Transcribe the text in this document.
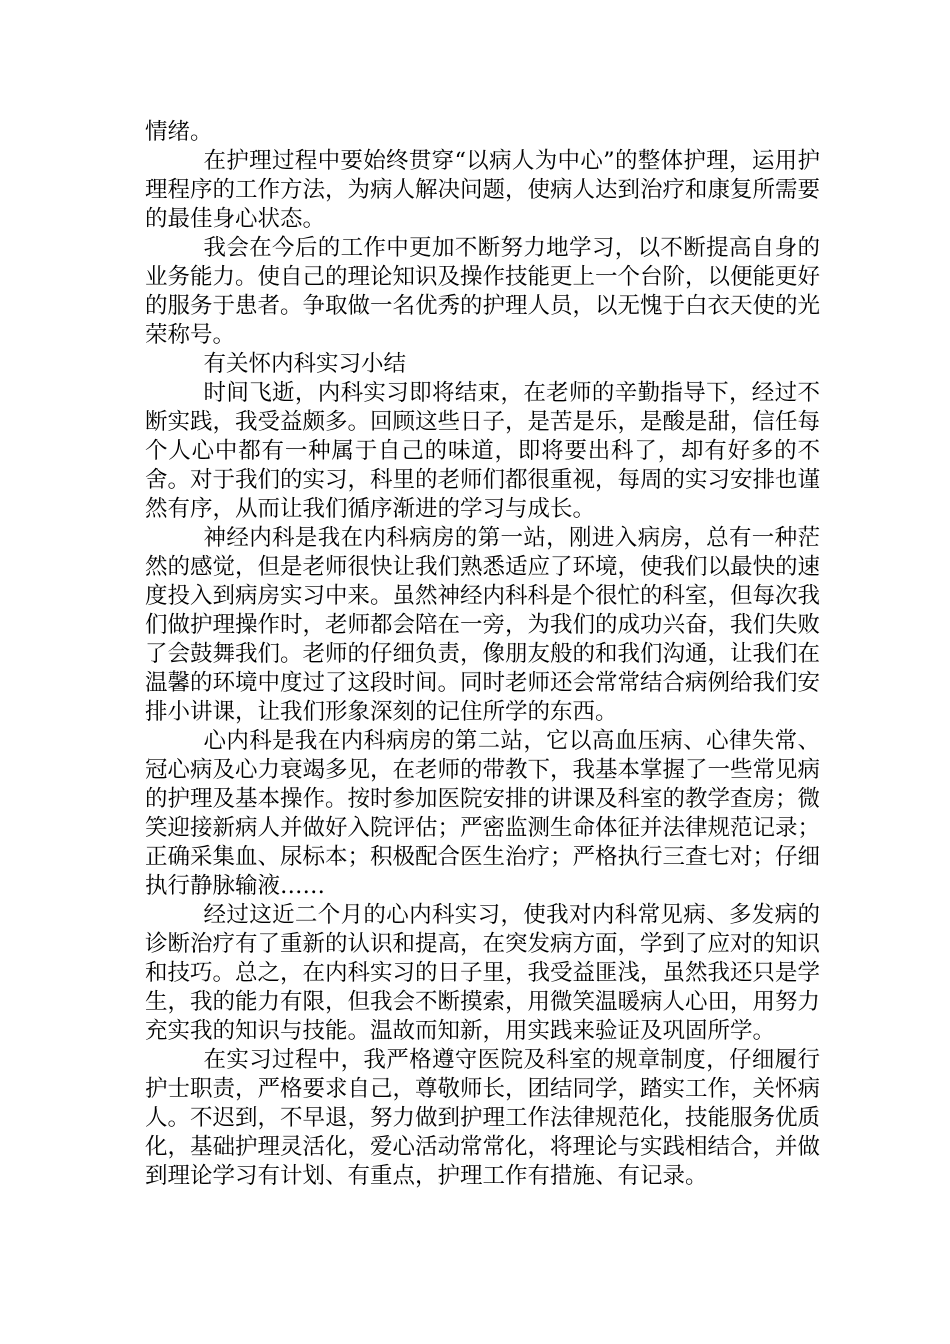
情绪。

在护理过程中要始终贯穿“以病人为中心”的整体护理，运用护理程序的工作方法，为病人解决问题，使病人达到治疗和康复所需要的最佳身心状态。

我会在今后的工作中更加不断努力地学习，以不断提高自身的业务能力。使自己的理论知识及操作技能更上一个台阶，以便能更好的服务于患者。争取做一名优秀的护理人员，以无愧于白衣天使的光荣称号。

有关怀内科实习小结

时间飞逝，内科实习即将结束，在老师的辛勤指导下，经过不断实践，我受益颇多。回顾这些日子，是苦是乐，是酸是甜，信任每个人心中都有一种属于自己的味道，即将要出科了，却有好多的不舍。对于我们的实习，科里的老师们都很重视，每周的实习安排也谨然有序，从而让我们循序渐进的学习与成长。

神经内科是我在内科病房的第一站，刚进入病房，总有一种茫然的感觉，但是老师很快让我们熟悉适应了环境，使我们以最快的速度投入到病房实习中来。虽然神经内科科是个很忙的科室，但每次我们做护理操作时，老师都会陪在一旁，为我们的成功兴奋，我们失败了会鼓舞我们。老师的仔细负责，像朋友般的和我们沟通，让我们在温馨的环境中度过了这段时间。同时老师还会常常结合病例给我们安排小讲课，让我们形象深刻的记住所学的东西。

心内科是我在内科病房的第二站，它以高血压病、心律失常、冠心病及心力衰竭多见，在老师的带教下，我基本掌握了一些常见病的护理及基本操作。按时参加医院安排的讲课及科室的教学查房；微笑迎接新病人并做好入院评估；严密监测生命体征并法律规范记录；正确采集血、尿标本；积极配合医生治疗；严格执行三查七对；仔细执行静脉输液……

经过这近二个月的心内科实习，使我对内科常见病、多发病的诊断治疗有了重新的认识和提高，在突发病方面，学到了应对的知识和技巧。总之，在内科实习的日子里，我受益匪浅，虽然我还只是学生，我的能力有限，但我会不断摸索，用微笑温暖病人心田，用努力充实我的知识与技能。温故而知新，用实践来验证及巩固所学。

在实习过程中，我严格遵守医院及科室的规章制度，仔细履行护士职责，严格要求自己，尊敬师长，团结同学，踏实工作，关怀病人。不迟到，不早退，努力做到护理工作法律规范化，技能服务优质化，基础护理灵活化，爱心活动常常化，将理论与实践相结合，并做到理论学习有计划、有重点，护理工作有措施、有记录。
